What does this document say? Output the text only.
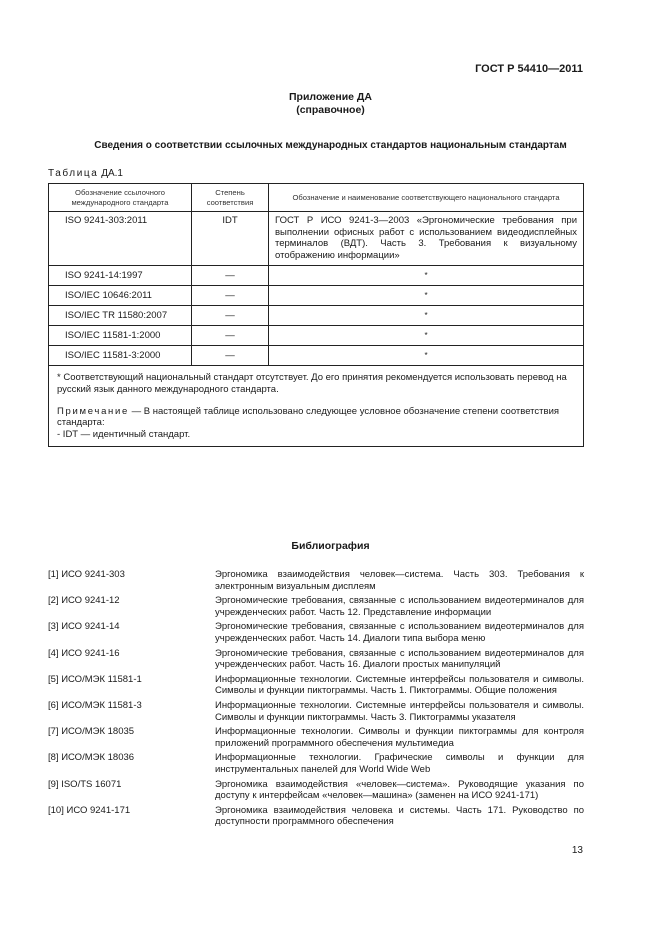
ГОСТ Р 54410—2011
Приложение ДА
(справочное)
Сведения о соответствии ссылочных международных стандартов национальным стандартам
Таблица ДА.1
Обозначение ссылочного международного стандарта	Степень соответствия	Обозначение и наименование соответствующего национального стандарта
ISO 9241-303:2011	IDT	ГОСТ Р ИСО 9241-3—2003 «Эргономические требования при выполнении офисных работ с использованием видеодисплейных терминалов (ВДТ). Часть 3. Требования к визуальному отображению информации»
ISO 9241-14:1997	—	*
ISO/IEC 10646:2011	—	*
ISO/IEC TR 11580:2007	—	*
ISO/IEC 11581-1:2000	—	*
ISO/IEC 11581-3:2000	—	*

* Соответствующий национальный стандарт отсутствует. До его принятия рекомендуется использовать перевод на русский язык данного международного стандарта.

Примечание — В настоящей таблице использовано следующее условное обозначение степени соответствия стандарта:

- IDT — идентичный стандарт.		

Библиография
[1] ИСО 9241-303	Эргономика взаимодействия человек—система. Часть 303. Требования к электронным визуальным дисплеям
[2] ИСО 9241-12	Эргономические требования, связанные с использованием видеотерминалов для учрежденческих работ. Часть 12. Представление информации
[3] ИСО 9241-14	Эргономические требования, связанные с использованием видеотерминалов для учрежденческих работ. Часть 14. Диалоги типа выбора меню
[4] ИСО 9241-16	Эргономические требования, связанные с использованием видеотерминалов для учрежденческих работ. Часть 16. Диалоги простых манипуляций
[5] ИСО/МЭК 11581-1	Информационные технологии. Системные интерфейсы пользователя и символы. Символы и функции пиктограммы. Часть 1. Пиктограммы. Общие положения
[6] ИСО/МЭК 11581-3	Информационные технологии. Системные интерфейсы пользователя и символы. Символы и функции пиктограммы. Часть 3. Пиктограммы указателя
[7] ИСО/МЭК 18035	Информационные технологии. Символы и функции пиктограммы для контроля приложений программного обеспечения мультимедиа
[8] ИСО/МЭК 18036	Информационные технологии. Графические символы и функции для инструментальных панелей для World Wide Web
[9] ISO/TS 16071	Эргономика взаимодействия «человек—система». Руководящие указания по доступу к интерфейсам «человек—машина» (заменен на ИСО 9241-171)
[10] ИСО 9241-171	Эргономика взаимодействия человека и системы. Часть 171. Руководство по доступности программного обеспечения
13
